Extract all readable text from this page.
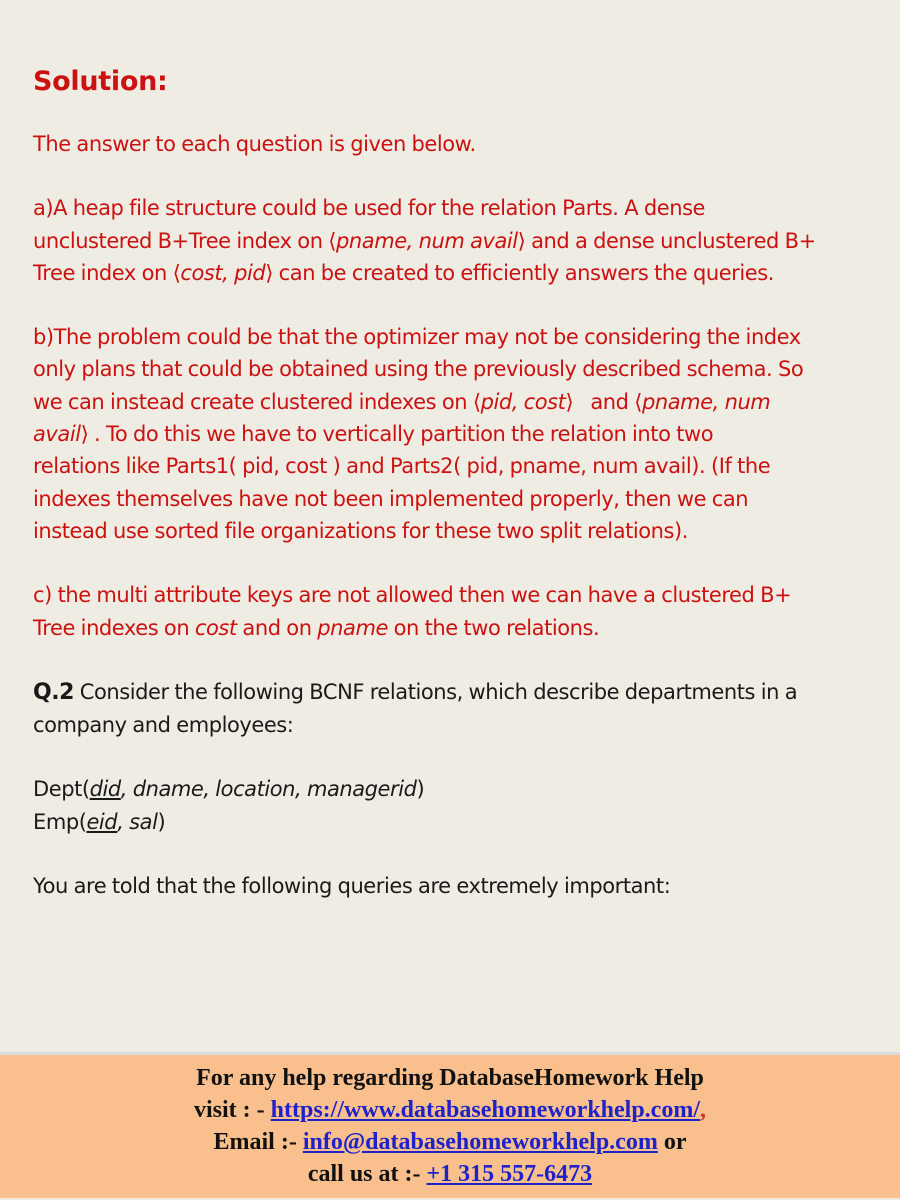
Solution:
The answer to each question is given below.
a)A heap file structure could be used for the relation Parts. A dense
unclustered B+Tree index on ⟨pname, num avail⟩ and a dense unclustered B+
Tree index on ⟨cost, pid⟩ can be created to efficiently answers the queries.
b)The problem could be that the optimizer may not be considering the index
only plans that could be obtained using the previously described schema. So
we can instead create clustered indexes on ⟨pid, cost⟩   and ⟨pname, num
avail⟩ . To do this we have to vertically partition the relation into two
relations like Parts1( pid, cost ) and Parts2( pid, pname, num avail). (If the
indexes themselves have not been implemented properly, then we can
instead use sorted file organizations for these two split relations).
c) the multi attribute keys are not allowed then we can have a clustered B+
Tree indexes on cost and on pname on the two relations.
Q.2 Consider the following BCNF relations, which describe departments in a
company and employees:
Dept(did, dname, location, managerid)
Emp(eid, sal)
You are told that the following queries are extremely important:
For any help regarding DatabaseHomework Help
visit : - https://www.databasehomeworkhelp.com/,
Email :- info@databasehomeworkhelp.com or
call us at :- +1 315 557-6473
